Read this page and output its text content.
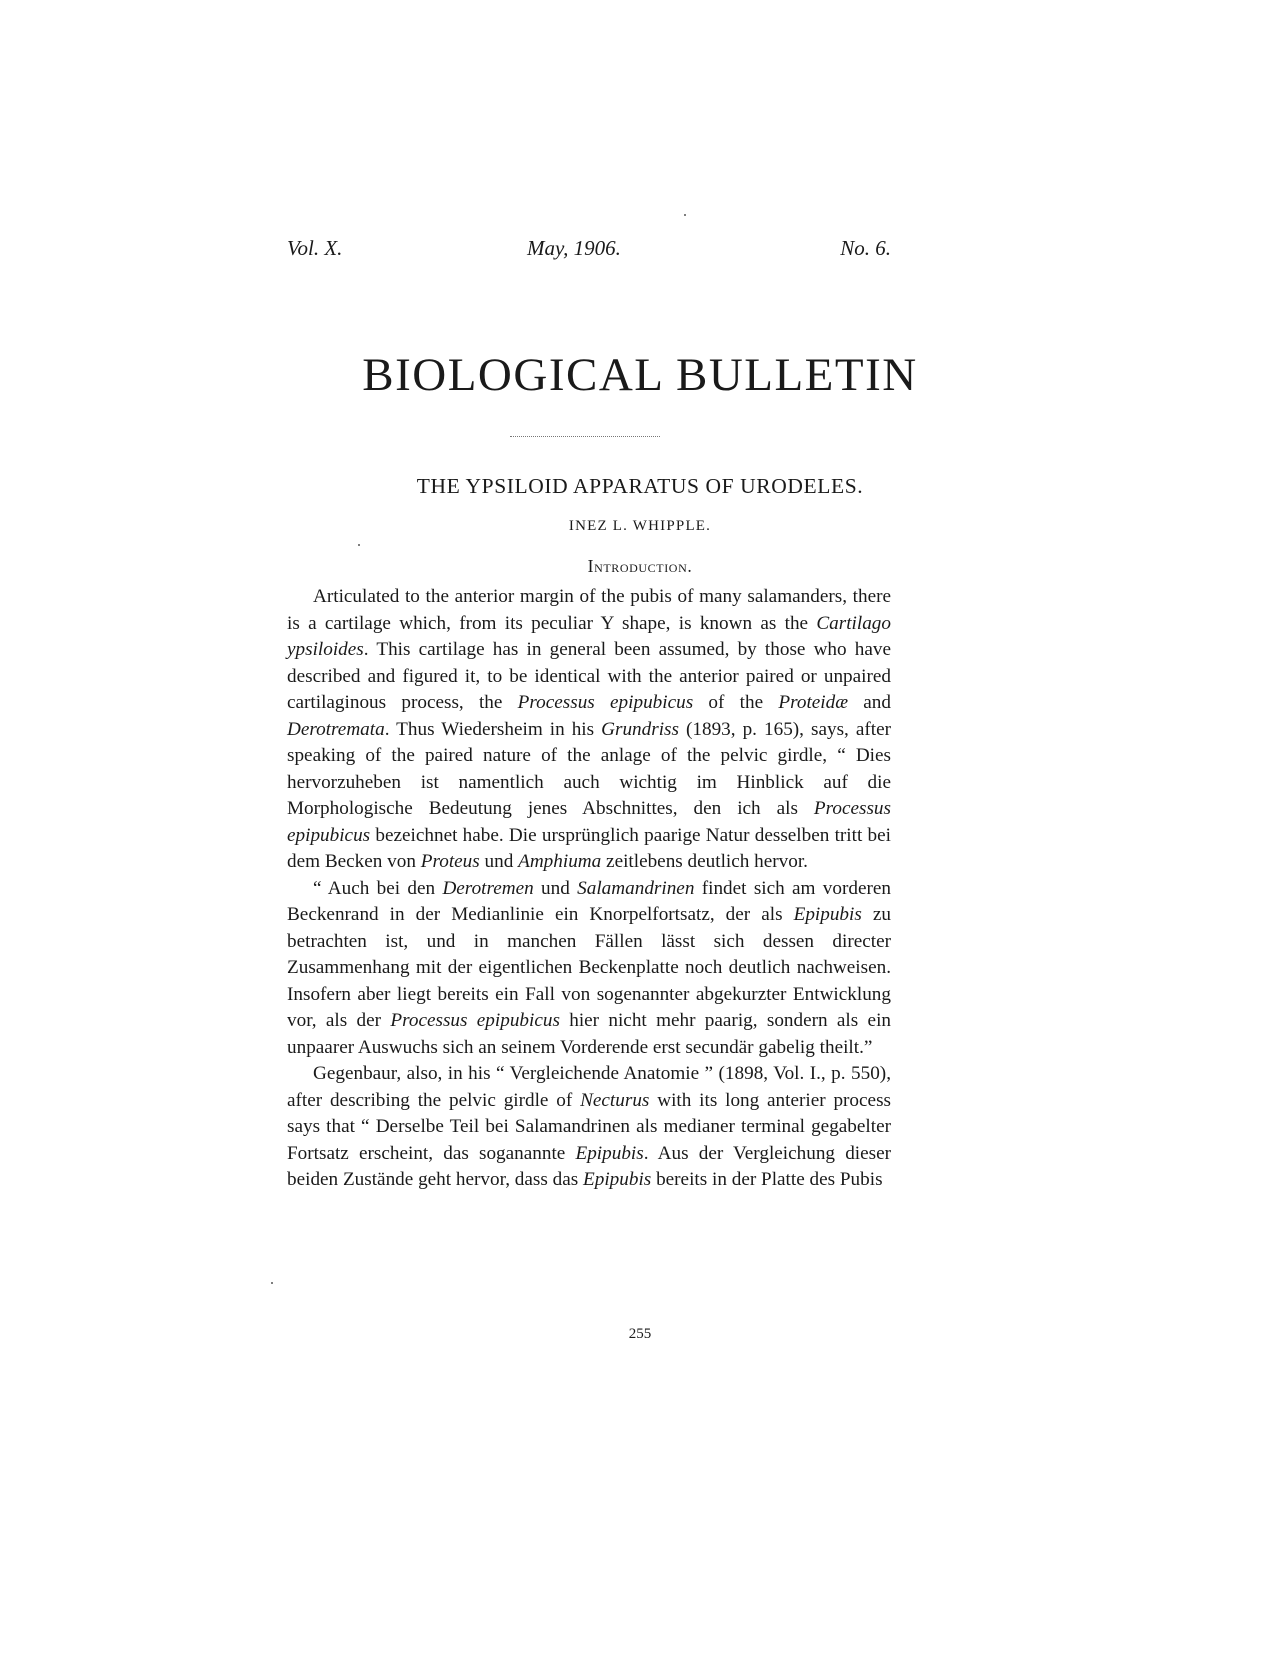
Vol. X.	May, 1906.	No. 6.
BIOLOGICAL BULLETIN
THE YPSILOID APPARATUS OF URODELES.
INEZ L. WHIPPLE.
Introduction.

Articulated to the anterior margin of the pubis of many salamanders, there is a cartilage which, from its peculiar Y shape, is known as the Cartilago ypsiloides. This cartilage has in general been assumed, by those who have described and figured it, to be identical with the anterior paired or unpaired cartilaginous process, the Processus epipubicus of the Proteidæ and Derotremata. Thus Wiedersheim in his Grundriss (1893, p. 165), says, after speaking of the paired nature of the anlage of the pelvic girdle, “ Dies hervorzuheben ist namentlich auch wichtig im Hinblick auf die Morphologische Bedeutung jenes Abschnittes, den ich als Processus epipubicus bezeichnet habe. Die ursprünglich paarige Natur desselben tritt bei dem Becken von Proteus und Amphiuma zeitlebens deutlich hervor.

“ Auch bei den Derotremen und Salamandrinen findet sich am vorderen Beckenrand in der Medianlinie ein Knorpelfortsatz, der als Epipubis zu betrachten ist, und in manchen Fällen lässt sich dessen directer Zusammenhang mit der eigentlichen Beckenplatte noch deutlich nachweisen. Insofern aber liegt bereits ein Fall von sogenannter abgekurzter Entwicklung vor, als der Processus epipubicus hier nicht mehr paarig, sondern als ein unpaarer Auswuchs sich an seinem Vorderende erst secundär gabelig theilt.”

Gegenbaur, also, in his “ Vergleichende Anatomie ” (1898, Vol. I., p. 550), after describing the pelvic girdle of Necturus with its long anterier process says that “ Derselbe Teil bei Salamandrinen als medianer terminal gegabelter Fortsatz erscheint, das soganannte Epipubis. Aus der Vergleichung dieser beiden Zustände geht hervor, dass das Epipubis bereits in der Platte des Pubis

255
